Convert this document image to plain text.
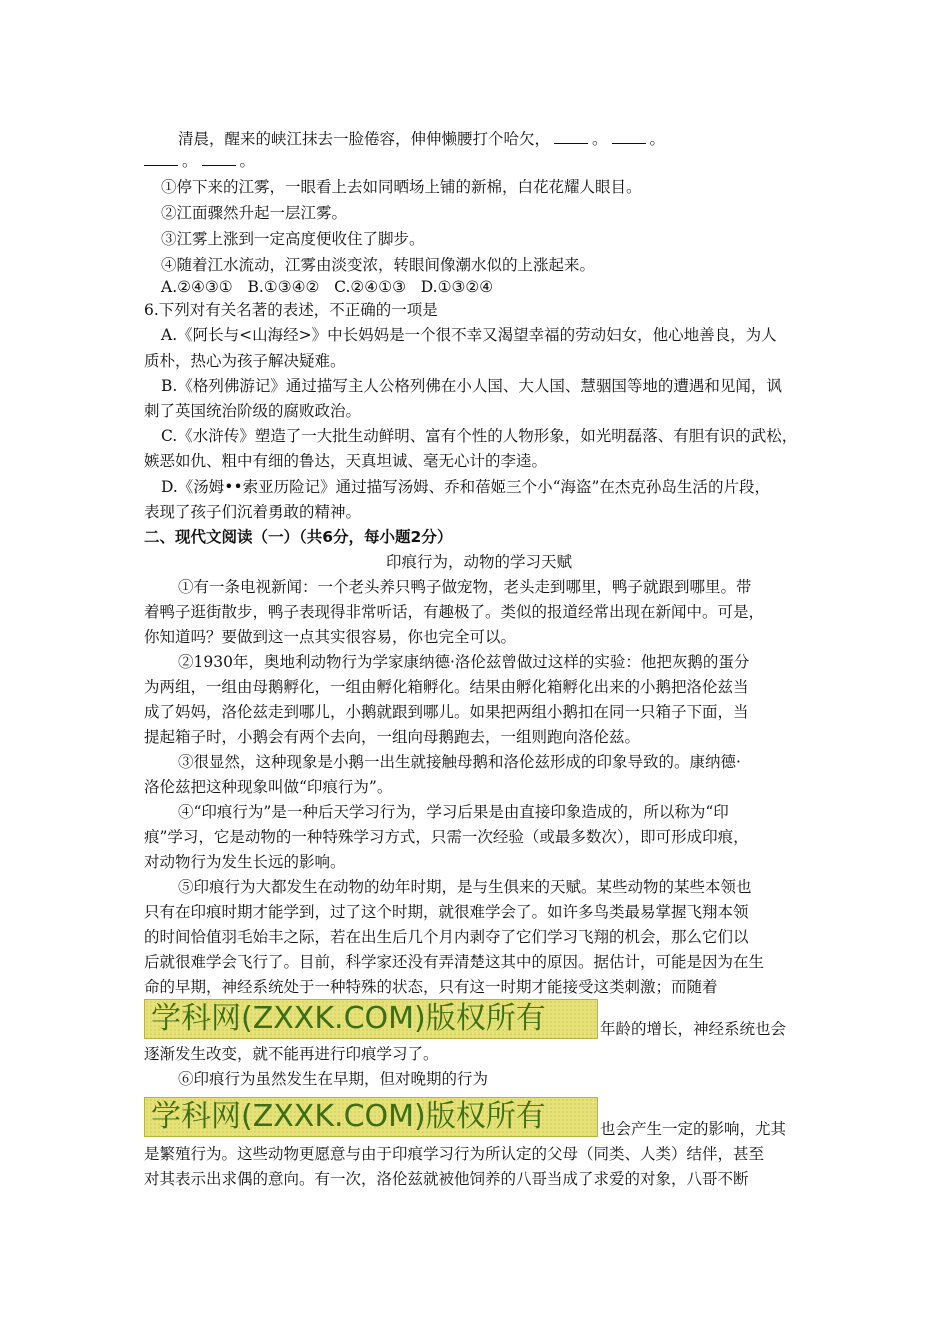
清晨，醒来的峡江抹去一脸倦容，伸伸懒腰打个哈欠，	。	。
。	。
①停下来的江雾，一眼看上去如同晒场上铺的新棉，白花花耀人眼目。
②江面骤然升起一层江雾。
③江雾上涨到一定高度便收住了脚步。
④随着江水流动，江雾由淡变浓，转眼间像潮水似的上涨起来。
A.②④③①   B.①③④②   C.②④①③   D.①③②④
6.下列对有关名著的表述，不正确的一项是
A.《阿长与<山海经>》中长妈妈是一个很不幸又渴望幸福的劳动妇女，他心地善良，为人
质朴，热心为孩子解决疑难。
B.《格列佛游记》通过描写主人公格列佛在小人国、大人国、慧骃国等地的遭遇和见闻，讽
刺了英国统治阶级的腐败政治。
C.《水浒传》塑造了一大批生动鲜明、富有个性的人物形象，如光明磊落、有胆有识的武松，
嫉恶如仇、粗中有细的鲁达，天真坦诚、毫无心计的李逵。
D.《汤姆••索亚历险记》通过描写汤姆、乔和蓓姬三个小“海盗”在杰克孙岛生活的片段，
表现了孩子们沉着勇敢的精神。
二、现代文阅读（一）（共6分，每小题2分）
印痕行为，动物的学习天赋
①有一条电视新闻：一个老头养只鸭子做宠物，老头走到哪里，鸭子就跟到哪里。带
着鸭子逛街散步，鸭子表现得非常听话，有趣极了。类似的报道经常出现在新闻中。可是，
你知道吗？要做到这一点其实很容易，你也完全可以。
②1930年，奥地利动物行为学家康纳德·洛伦兹曾做过这样的实验：他把灰鹅的蛋分
为两组，一组由母鹅孵化，一组由孵化箱孵化。结果由孵化箱孵化出来的小鹅把洛伦兹当
成了妈妈，洛伦兹走到哪儿，小鹅就跟到哪儿。如果把两组小鹅扣在同一只箱子下面，当
提起箱子时，小鹅会有两个去向，一组向母鹅跑去，一组则跑向洛伦兹。
③很显然，这种现象是小鹅一出生就接触母鹅和洛伦兹形成的印象导致的。康纳德·
洛伦兹把这种现象叫做“印痕行为”。
④“印痕行为”是一种后天学习行为，学习后果是由直接印象造成的，所以称为“印
痕”学习，它是动物的一种特殊学习方式，只需一次经验（或最多数次），即可形成印痕，
对动物行为发生长远的影响。
⑤印痕行为大都发生在动物的幼年时期，是与生俱来的天赋。某些动物的某些本领也
只有在印痕时期才能学到，过了这个时期，就很难学会了。如许多鸟类最易掌握飞翔本领
的时间恰值羽毛始丰之际，若在出生后几个月内剥夺了它们学习飞翔的机会，那么它们以
后就很难学会飞行了。目前，科学家还没有弄清楚这其中的原因。据估计，可能是因为在生
命的早期，神经系统处于一种特殊的状态，只有这一时期才能接受这类刺激；而随着
学科网(ZXXK.COM)版权所有	年龄的增长，神经系统也会
逐渐发生改变，就不能再进行印痕学习了。
⑥印痕行为虽然发生在早期，但对晚期的行为
学科网(ZXXK.COM)版权所有	也会产生一定的影响，尤其
是繁殖行为。这些动物更愿意与由于印痕学习行为所认定的父母（同类、人类）结伴，甚至
对其表示出求偶的意向。有一次，洛伦兹就被他饲养的八哥当成了求爱的对象，八哥不断
